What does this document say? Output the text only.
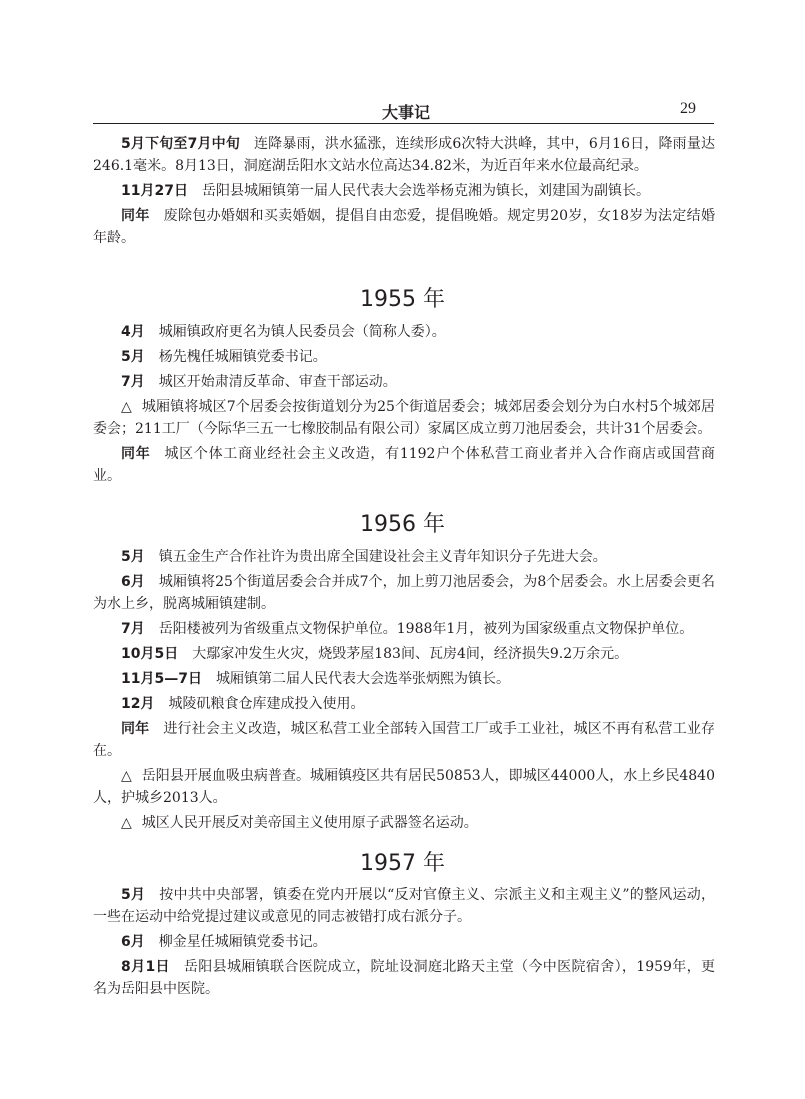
大事记	29

5月下旬至7月中旬 连降暴雨，洪水猛涨，连续形成6次特大洪峰，其中，6月16日，降雨量达246.1毫米。8月13日，洞庭湖岳阳水文站水位高达34.82米，为近百年来水位最高纪录。

11月27日 岳阳县城厢镇第一届人民代表大会选举杨克湘为镇长，刘建国为副镇长。

同年 废除包办婚姻和买卖婚姻，提倡自由恋爱，提倡晚婚。规定男20岁，女18岁为法定结婚年龄。

1955 年

4月 城厢镇政府更名为镇人民委员会（简称人委）。

5月 杨先槐任城厢镇党委书记。

7月 城区开始肃清反革命、审查干部运动。

△ 城厢镇将城区7个居委会按街道划分为25个街道居委会；城郊居委会划分为白水村5个城郊居委会；211工厂（今际华三五一七橡胶制品有限公司）家属区成立剪刀池居委会，共计31个居委会。

同年 城区个体工商业经社会主义改造，有1192户个体私营工商业者并入合作商店或国营商业。

1956 年

5月 镇五金生产合作社许为贵出席全国建设社会主义青年知识分子先进大会。

6月 城厢镇将25个街道居委会合并成7个，加上剪刀池居委会，为8个居委会。水上居委会更名为水上乡，脱离城厢镇建制。

7月 岳阳楼被列为省级重点文物保护单位。1988年1月，被列为国家级重点文物保护单位。

10月5日 大鄢家冲发生火灾，烧毁茅屋183间、瓦房4间，经济损失9.2万余元。

11月5—7日 城厢镇第二届人民代表大会选举张炳熙为镇长。

12月 城陵矶粮食仓库建成投入使用。

同年 进行社会主义改造，城区私营工业全部转入国营工厂或手工业社，城区不再有私营工业存在。

△ 岳阳县开展血吸虫病普查。城厢镇疫区共有居民50853人，即城区44000人，水上乡民4840人，护城乡2013人。

△ 城区人民开展反对美帝国主义使用原子武器签名运动。

1957 年

5月 按中共中央部署，镇委在党内开展以“反对官僚主义、宗派主义和主观主义”的整风运动，一些在运动中给党提过建议或意见的同志被错打成右派分子。

6月 柳金星任城厢镇党委书记。

8月1日 岳阳县城厢镇联合医院成立，院址设洞庭北路天主堂（今中医院宿舍），1959年，更名为岳阳县中医院。
